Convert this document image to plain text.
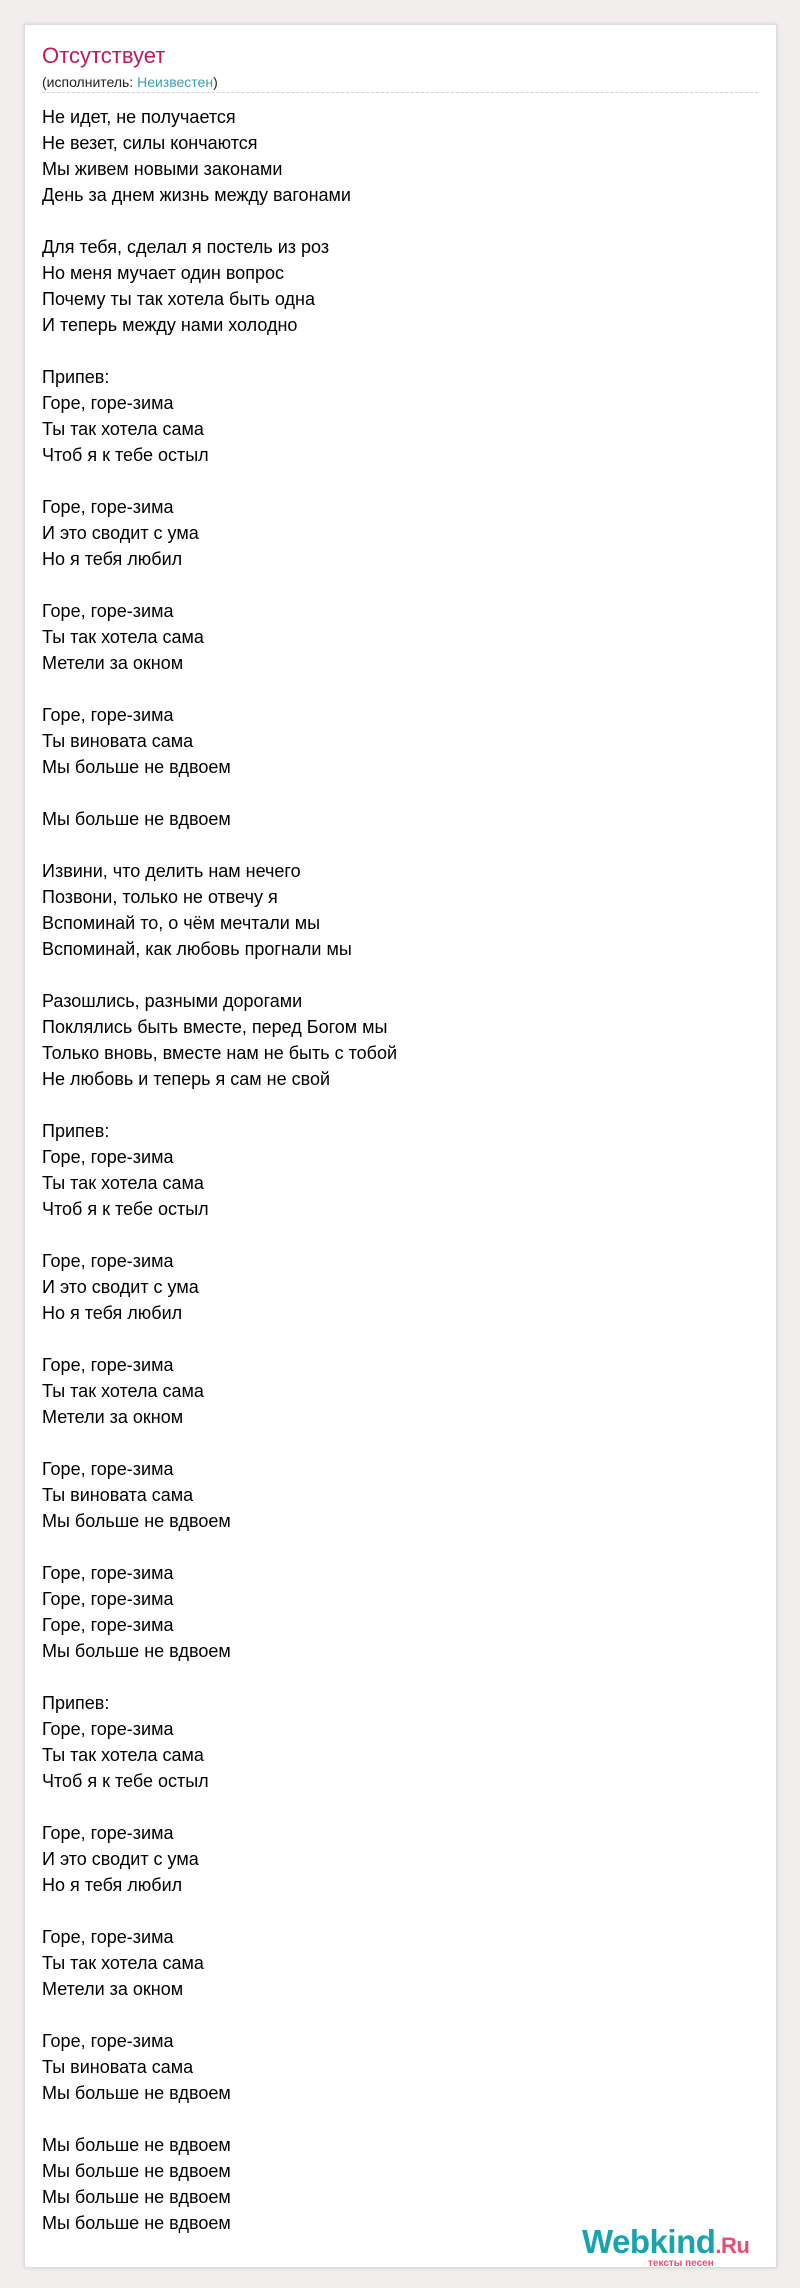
Отсутствует
(исполнитель: Неизвестен)
Не идет, не получается
Не везет, силы кончаются
Мы живем новыми законами
День за днем жизнь между вагонами
Для тебя, сделал я постель из роз
Но меня мучает один вопрос
Почему ты так хотела быть одна
И теперь между нами холодно
Припев:
Горе, горе-зима
Ты так хотела сама
Чтоб я к тебе остыл
Горе, горе-зима
И это сводит с ума
Но я тебя любил
Горе, горе-зима
Ты так хотела сама
Метели за окном
Горе, горе-зима
Ты виновата сама
Мы больше не вдвоем
Мы больше не вдвоем
Извини, что делить нам нечего
Позвони, только не отвечу я
Вспоминай то, о чём мечтали мы
Вспоминай, как любовь прогнали мы
Разошлись, разными дорогами
Поклялись быть вместе, перед Богом мы
Только вновь, вместе нам не быть с тобой
Не любовь и теперь я сам не свой
Припев:
Горе, горе-зима
Ты так хотела сама
Чтоб я к тебе остыл
Горе, горе-зима
И это сводит с ума
Но я тебя любил
Горе, горе-зима
Ты так хотела сама
Метели за окном
Горе, горе-зима
Ты виновата сама
Мы больше не вдвоем
Горе, горе-зима
Горе, горе-зима
Горе, горе-зима
Мы больше не вдвоем
Припев:
Горе, горе-зима
Ты так хотела сама
Чтоб я к тебе остыл
Горе, горе-зима
И это сводит с ума
Но я тебя любил
Горе, горе-зима
Ты так хотела сама
Метели за окном
Горе, горе-зима
Ты виновата сама
Мы больше не вдвоем
Мы больше не вдвоем
Мы больше не вдвоем
Мы больше не вдвоем
Мы больше не вдвоем	Webkind.Ru
тексты песен
